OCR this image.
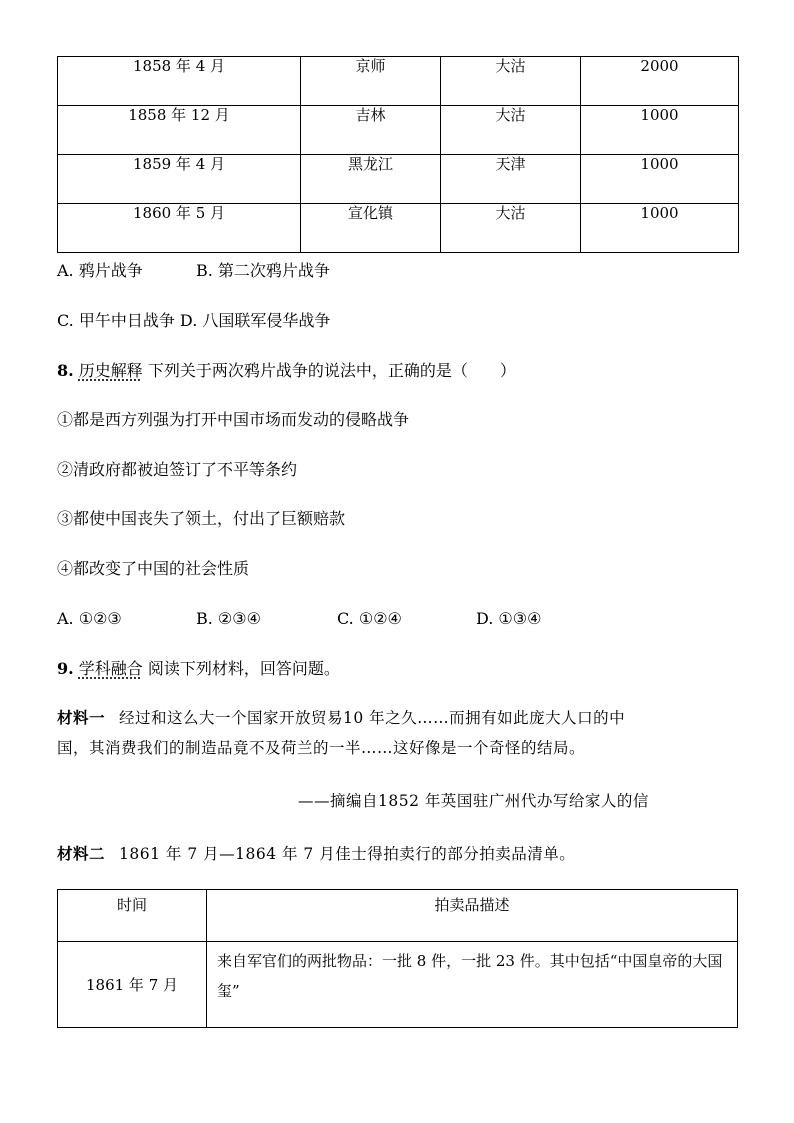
1858 年 4 月	京师	大沽	2000
1858 年 12 月	吉林	大沽	1000
1859 年 4 月	黑龙江	天津	1000
1860 年 5 月	宣化镇	大沽	1000
A. 鸦片战争	B. 第二次鸦片战争
C. 甲午中日战争 D. 八国联军侵华战争
8. 历史解释 下列关于两次鸦片战争的说法中，正确的是（　　）
①都是西方列强为打开中国市场而发动的侵略战争
②清政府都被迫签订了不平等条约
③都使中国丧失了领土，付出了巨额赔款
④都改变了中国的社会性质
A. ①②③	B. ②③④	C. ①②④	D. ①③④
9. 学科融合 阅读下列材料，回答问题。
材料一 经过和这么大一个国家开放贸易10 年之久……而拥有如此庞大人口的中
国，其消费我们的制造品竟不及荷兰的一半……这好像是一个奇怪的结局。
——摘编自1852 年英国驻广州代办写给家人的信
材料二 1861 年 7 月—1864 年 7 月佳士得拍卖行的部分拍卖品清单。
时间	拍卖品描述
1861 年 7 月	来自军官们的两批物品：一批 8 件，一批 23 件。其中包括“中国皇帝的大国玺”
